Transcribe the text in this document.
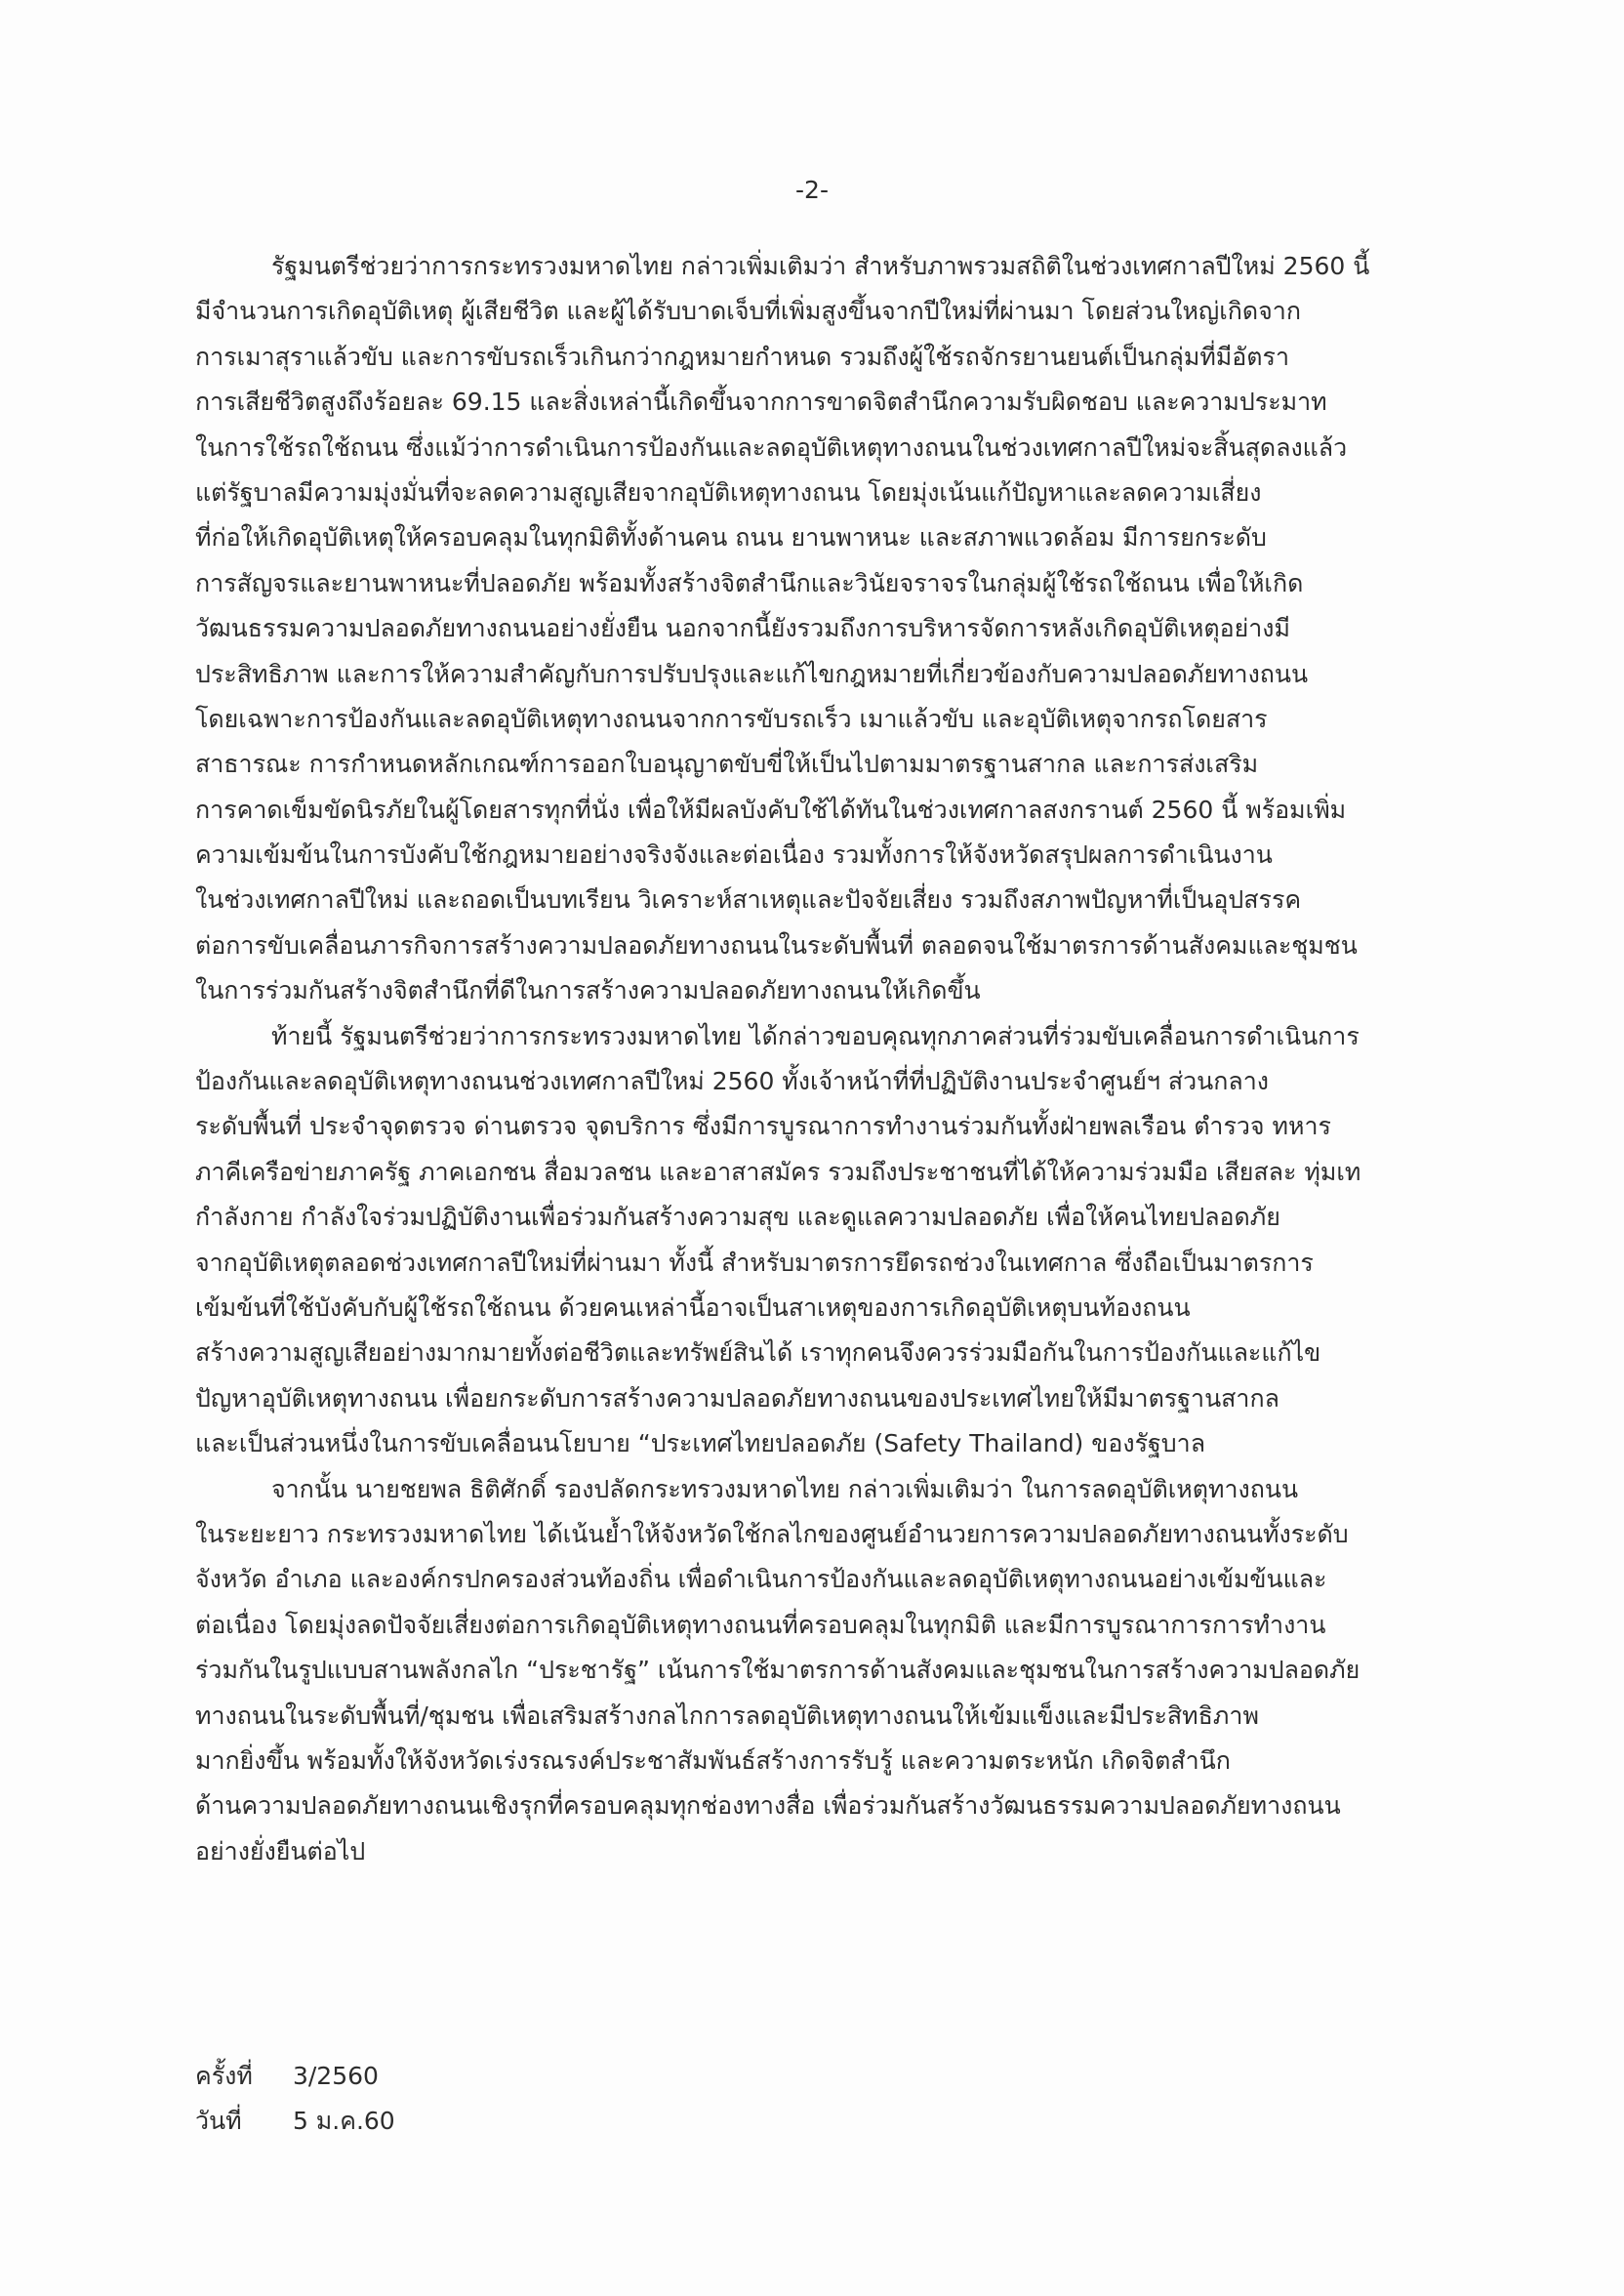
-2-
รัฐมนตรีช่วยว่าการกระทรวงมหาดไทย กล่าวเพิ่มเติมว่า สำหรับภาพรวมสถิติในช่วงเทศกาลปีใหม่ 2560 นี้
มีจำนวนการเกิดอุบัติเหตุ ผู้เสียชีวิต และผู้ได้รับบาดเจ็บที่เพิ่มสูงขึ้นจากปีใหม่ที่ผ่านมา โดยส่วนใหญ่เกิดจาก
การเมาสุราแล้วขับ และการขับรถเร็วเกินกว่ากฎหมายกำหนด รวมถึงผู้ใช้รถจักรยานยนต์เป็นกลุ่มที่มีอัตรา
การเสียชีวิตสูงถึงร้อยละ 69.15 และสิ่งเหล่านี้เกิดขึ้นจากการขาดจิตสำนึกความรับผิดชอบ และความประมาท
ในการใช้รถใช้ถนน ซึ่งแม้ว่าการดำเนินการป้องกันและลดอุบัติเหตุทางถนนในช่วงเทศกาลปีใหม่จะสิ้นสุดลงแล้ว
แต่รัฐบาลมีความมุ่งมั่นที่จะลดความสูญเสียจากอุบัติเหตุทางถนน โดยมุ่งเน้นแก้ปัญหาและลดความเสี่ยง
ที่ก่อให้เกิดอุบัติเหตุให้ครอบคลุมในทุกมิติทั้งด้านคน ถนน ยานพาหนะ และสภาพแวดล้อม มีการยกระดับ
การสัญจรและยานพาหนะที่ปลอดภัย พร้อมทั้งสร้างจิตสำนึกและวินัยจราจรในกลุ่มผู้ใช้รถใช้ถนน เพื่อให้เกิด
วัฒนธรรมความปลอดภัยทางถนนอย่างยั่งยืน นอกจากนี้ยังรวมถึงการบริหารจัดการหลังเกิดอุบัติเหตุอย่างมี
ประสิทธิภาพ และการให้ความสำคัญกับการปรับปรุงและแก้ไขกฎหมายที่เกี่ยวข้องกับความปลอดภัยทางถนน
โดยเฉพาะการป้องกันและลดอุบัติเหตุทางถนนจากการขับรถเร็ว เมาแล้วขับ และอุบัติเหตุจากรถโดยสาร
สาธารณะ การกำหนดหลักเกณฑ์การออกใบอนุญาตขับขี่ให้เป็นไปตามมาตรฐานสากล และการส่งเสริม
การคาดเข็มขัดนิรภัยในผู้โดยสารทุกที่นั่ง เพื่อให้มีผลบังคับใช้ได้ทันในช่วงเทศกาลสงกรานต์ 2560 นี้ พร้อมเพิ่ม
ความเข้มข้นในการบังคับใช้กฎหมายอย่างจริงจังและต่อเนื่อง รวมทั้งการให้จังหวัดสรุปผลการดำเนินงาน
ในช่วงเทศกาลปีใหม่ และถอดเป็นบทเรียน วิเคราะห์สาเหตุและปัจจัยเสี่ยง รวมถึงสภาพปัญหาที่เป็นอุปสรรค
ต่อการขับเคลื่อนภารกิจการสร้างความปลอดภัยทางถนนในระดับพื้นที่ ตลอดจนใช้มาตรการด้านสังคมและชุมชน
ในการร่วมกันสร้างจิตสำนึกที่ดีในการสร้างความปลอดภัยทางถนนให้เกิดขึ้น
ท้ายนี้ รัฐมนตรีช่วยว่าการกระทรวงมหาดไทย ได้กล่าวขอบคุณทุกภาคส่วนที่ร่วมขับเคลื่อนการดำเนินการ
ป้องกันและลดอุบัติเหตุทางถนนช่วงเทศกาลปีใหม่ 2560 ทั้งเจ้าหน้าที่ที่ปฏิบัติงานประจำศูนย์ฯ ส่วนกลาง
ระดับพื้นที่ ประจำจุดตรวจ ด่านตรวจ จุดบริการ ซึ่งมีการบูรณาการทำงานร่วมกันทั้งฝ่ายพลเรือน ตำรวจ ทหาร
ภาคีเครือข่ายภาครัฐ ภาคเอกชน สื่อมวลชน และอาสาสมัคร รวมถึงประชาชนที่ได้ให้ความร่วมมือ เสียสละ ทุ่มเท
กำลังกาย กำลังใจร่วมปฏิบัติงานเพื่อร่วมกันสร้างความสุข และดูแลความปลอดภัย เพื่อให้คนไทยปลอดภัย
จากอุบัติเหตุตลอดช่วงเทศกาลปีใหม่ที่ผ่านมา ทั้งนี้ สำหรับมาตรการยึดรถช่วงในเทศกาล ซึ่งถือเป็นมาตรการ
เข้มข้นที่ใช้บังคับกับผู้ใช้รถใช้ถนน ด้วยคนเหล่านี้อาจเป็นสาเหตุของการเกิดอุบัติเหตุบนท้องถนน
สร้างความสูญเสียอย่างมากมายทั้งต่อชีวิตและทรัพย์สินได้ เราทุกคนจึงควรร่วมมือกันในการป้องกันและแก้ไข
ปัญหาอุบัติเหตุทางถนน เพื่อยกระดับการสร้างความปลอดภัยทางถนนของประเทศไทยให้มีมาตรฐานสากล
และเป็นส่วนหนึ่งในการขับเคลื่อนนโยบาย “ประเทศไทยปลอดภัย (Safety Thailand) ของรัฐบาล
จากนั้น นายชยพล ธิติศักดิ์ รองปลัดกระทรวงมหาดไทย กล่าวเพิ่มเติมว่า ในการลดอุบัติเหตุทางถนน
ในระยะยาว กระทรวงมหาดไทย ได้เน้นย้ำให้จังหวัดใช้กลไกของศูนย์อำนวยการความปลอดภัยทางถนนทั้งระดับ
จังหวัด อำเภอ และองค์กรปกครองส่วนท้องถิ่น เพื่อดำเนินการป้องกันและลดอุบัติเหตุทางถนนอย่างเข้มข้นและ
ต่อเนื่อง โดยมุ่งลดปัจจัยเสี่ยงต่อการเกิดอุบัติเหตุทางถนนที่ครอบคลุมในทุกมิติ และมีการบูรณาการการทำงาน
ร่วมกันในรูปแบบสานพลังกลไก “ประชารัฐ” เน้นการใช้มาตรการด้านสังคมและชุมชนในการสร้างความปลอดภัย
ทางถนนในระดับพื้นที่/ชุมชน เพื่อเสริมสร้างกลไกการลดอุบัติเหตุทางถนนให้เข้มแข็งและมีประสิทธิภาพ
มากยิ่งขึ้น พร้อมทั้งให้จังหวัดเร่งรณรงค์ประชาสัมพันธ์สร้างการรับรู้ และความตระหนัก เกิดจิตสำนึก
ด้านความปลอดภัยทางถนนเชิงรุกที่ครอบคลุมทุกช่องทางสื่อ เพื่อร่วมกันสร้างวัฒนธรรมความปลอดภัยทางถนน
อย่างยั่งยืนต่อไป
ครั้งที่ 3/2560
วันที่ 5 ม.ค.60
